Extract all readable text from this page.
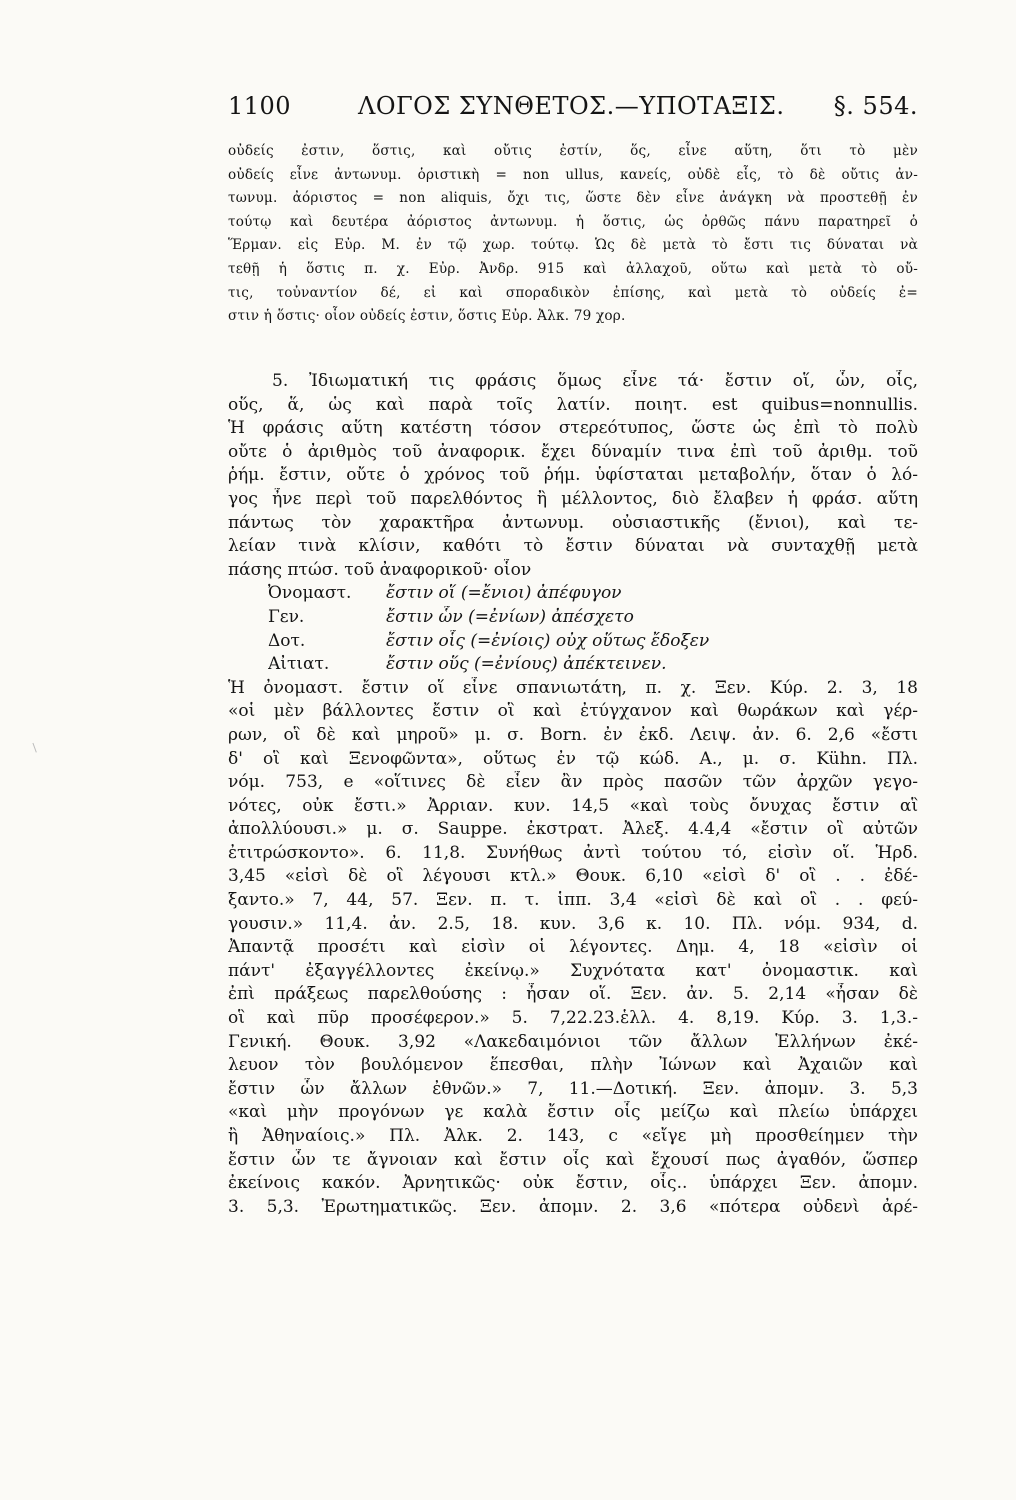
1100	ΛΟΓΟΣ ΣΥΝΘΕΤΟΣ.—ΥΠΟΤΑΞΙΣ. §. 554.
οὐδείς ἐστιν, ὅστις, καὶ οὔτις ἐστίν, ὅς, εἶνε αὕτη, ὅτι τὸ μὲν
οὐδείς εἶνε ἀντωνυμ. ὁριστικὴ = non ullus, κανείς, οὐδὲ εἷς, τὸ δὲ οὔτις ἀν-
τωνυμ. ἀόριστος = non aliquis, ὄχι τις, ὥστε δὲν εἶνε ἀνάγκη νὰ προστεθῇ ἐν
τούτῳ καὶ δευτέρα ἀόριστος ἀντωνυμ. ἡ ὅστις, ὡς ὀρθῶς πάνυ παρατηρεῖ ὁ
Ἕρμαν. εἰς Εὐρ. Μ. ἐν τῷ χωρ. τούτῳ. Ὡς δὲ μετὰ τὸ ἔστι τις δύναται νὰ
τεθῇ ἡ ὅστις π. χ. Εὐρ. Ἀνδρ. 915 καὶ ἀλλαχοῦ, οὕτω καὶ μετὰ τὸ οὔ-
τις, τοὐναντίον δέ, εἰ καὶ σποραδικὸν ἐπίσης, καὶ μετὰ τὸ οὐδείς ἐ=
στιν ἡ ὅστις· οἷον οὐδείς ἐστιν, ὅστις Εὐρ. Ἀλκ. 79 χορ.
5. Ἰδιωματική τις φράσις ὅμως εἶνε τά· ἔστιν οἵ, ὧν, οἷς,
οὕς, ἅ, ὡς καὶ παρὰ τοῖς λατίν. ποιητ. est quibus=nonnullis.
Ἡ φράσις αὕτη κατέστη τόσον στερεότυπος, ὥστε ὡς ἐπὶ τὸ πολὺ
οὔτε ὁ ἀριθμὸς τοῦ ἀναφορικ. ἔχει δύναμίν τινα ἐπὶ τοῦ ἀριθμ. τοῦ
ῥήμ. ἔστιν, οὔτε ὁ χρόνος τοῦ ῥήμ. ὑφίσταται μεταβολήν, ὅταν ὁ λό-
γος ἦνε περὶ τοῦ παρελθόντος ἢ μέλλοντος, διὸ ἔλαβεν ἡ φράσ. αὕτη
πάντως τὸν χαρακτῆρα ἀντωνυμ. οὐσιαστικῆς (ἔνιοι), καὶ τε-
λείαν τινὰ κλίσιν, καθότι τὸ ἔστιν δύναται νὰ συνταχθῇ μετὰ
πάσης πτώσ. τοῦ ἀναφορικοῦ· οἷον
Ὀνομαστ. ἔστιν οἵ (=ἔνιοι) ἀπέφυγον
Γεν.	ἔστιν ὧν (=ἐνίων) ἀπέσχετο
Δοτ.	ἔστιν οἷς (=ἐνίοις) οὐχ οὕτως ἔδοξεν
Αἰτιατ.	ἔστιν οὕς (=ἐνίους) ἀπέκτεινεν.
Ἡ ὀνομαστ. ἔστιν οἵ εἶνε σπανιωτάτη, π. χ. Ξεν. Κύρ. 2. 3, 18
«οἱ μὲν βάλλοντες ἔστιν οἳ καὶ ἐτύγχανον καὶ θωράκων καὶ γέρ-
ρων, οἳ δὲ καὶ μηροῦ» μ. σ. Born. ἐν ἐκδ. Λειψ. ἀν. 6. 2,6 «ἔστι
δ' οἳ καὶ Ξενοφῶντα», οὕτως ἐν τῷ κώδ. Α., μ. σ. Kühn. Πλ.
νόμ. 753, e «οἵτινες δὲ εἶεν ἂν πρὸς πασῶν τῶν ἀρχῶν γεγο-
νότες, οὐκ ἔστι.» Ἀρριαν. κυν. 14,5 «καὶ τοὺς ὄνυχας ἔστιν αἳ
ἀπολλύουσι.» μ. σ. Sauppe. ἐκστρατ. Ἀλεξ. 4.4,4 «ἔστιν οἳ αὐτῶν
ἐτιτρώσκοντο». 6. 11,8. Συνήθως ἀντὶ τούτου τό, εἰσὶν οἵ. Ἡρδ.
3,45 «εἰσὶ δὲ οἳ λέγουσι κτλ.» Θουκ. 6,10 «εἰσὶ δ' οἳ . . ἐδέ-
ξαντο.» 7, 44, 57. Ξεν. π. τ. ἱππ. 3,4 «εἰσὶ δὲ καὶ οἳ . . φεύ-
γουσιν.» 11,4. ἀν. 2.5, 18. κυν. 3,6 κ. 10. Πλ. νόμ. 934, d.
Ἀπαντᾷ προσέτι καὶ εἰσὶν οἱ λέγοντες. Δημ. 4, 18 «εἰσὶν οἱ
πάντ' ἐξαγγέλλοντες ἐκείνῳ.» Συχνότατα κατ' ὀνομαστικ. καὶ
ἐπὶ πράξεως παρελθούσης : ἦσαν οἵ. Ξεν. ἀν. 5. 2,14 «ἦσαν δὲ
οἳ καὶ πῦρ προσέφερον.» 5. 7,22.23.ἑλλ. 4. 8,19. Κύρ. 3. 1,3.-
Γενική. Θουκ. 3,92 «Λακεδαιμόνιοι τῶν ἄλλων Ἑλλήνων ἐκέ-
λευον τὸν βουλόμενον ἕπεσθαι, πλὴν Ἰώνων καὶ Ἀχαιῶν καὶ
ἔστιν ὧν ἄλλων ἐθνῶν.» 7, 11.—Δοτική. Ξεν. ἀπομν. 3. 5,3
«καὶ μὴν προγόνων γε καλὰ ἔστιν οἷς μείζω καὶ πλείω ὑπάρχει
ἢ Ἀθηναίοις.» Πλ. Ἀλκ. 2. 143, c «εἴγε μὴ προσθείημεν τὴν
ἔστιν ὧν τε ἄγνοιαν καὶ ἔστιν οἷς καὶ ἔχουσί πως ἀγαθόν, ὥσπερ
ἐκείνοις κακόν. Ἀρνητικῶς· οὐκ ἔστιν, οἷς.. ὑπάρχει Ξεν. ἀπομν.
3. 5,3. Ἐρωτηματικῶς. Ξεν. ἀπομν. 2. 3,6 «πότερα οὐδενὶ ἀρέ-
